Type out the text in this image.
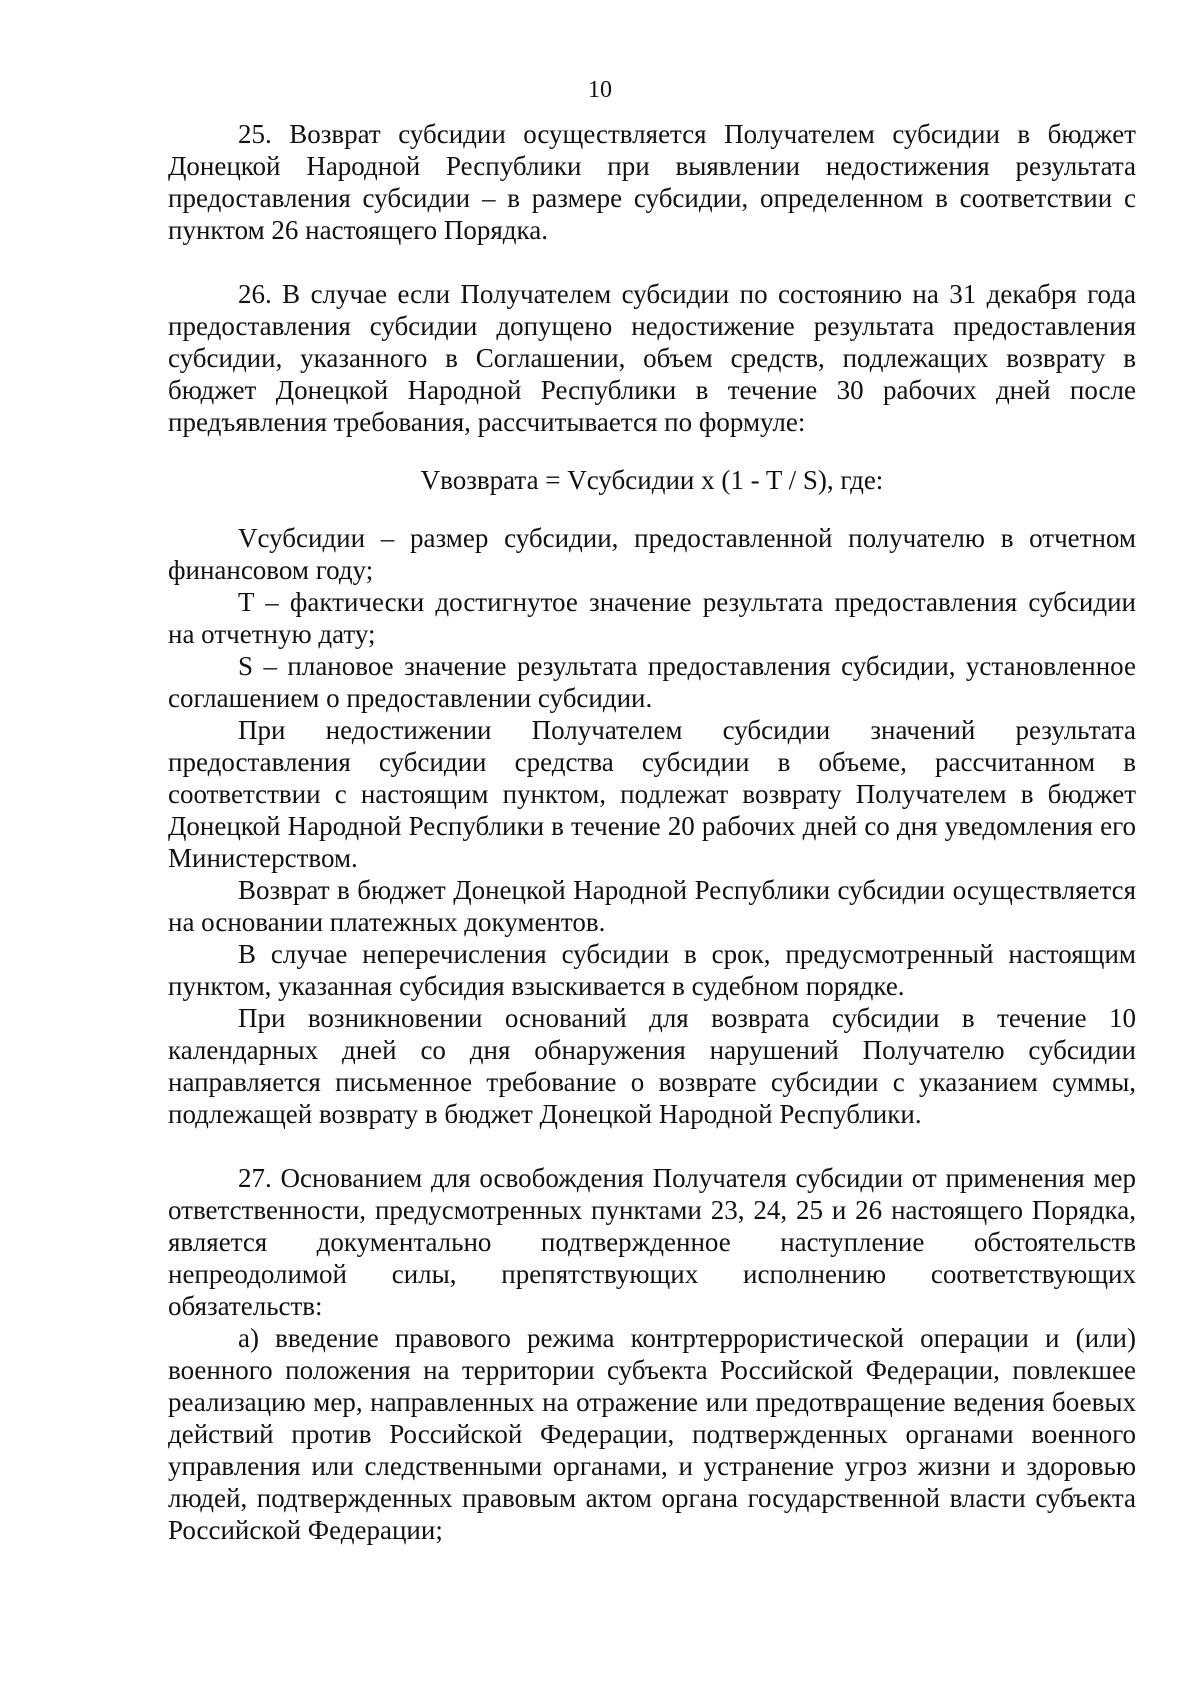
10

25. Возврат субсидии осуществляется Получателем субсидии в бюджет Донецкой Народной Республики при выявлении недостижения результата предоставления субсидии – в размере субсидии, определенном в соответствии с пунктом 26 настоящего Порядка.

26. В случае если Получателем субсидии по состоянию на 31 декабря года предоставления субсидии допущено недостижение результата предоставления субсидии, указанного в Соглашении, объем средств, подлежащих возврату в бюджет Донецкой Народной Республики в течение 30 рабочих дней после предъявления требования, рассчитывается по формуле:

Vвозврата = Vсубсидии x (1 - T / S), где:

Vсубсидии – размер субсидии, предоставленной получателю в отчетном финансовом году;

T – фактически достигнутое значение результата предоставления субсидии на отчетную дату;

S – плановое значение результата предоставления субсидии, установленное соглашением о предоставлении субсидии.

При недостижении Получателем субсидии значений результата предоставления субсидии средства субсидии в объеме, рассчитанном в соответствии с настоящим пунктом, подлежат возврату Получателем в бюджет Донецкой Народной Республики в течение 20 рабочих дней со дня уведомления его Министерством.

Возврат в бюджет Донецкой Народной Республики субсидии осуществляется на основании платежных документов.

В случае неперечисления субсидии в срок, предусмотренный настоящим пунктом, указанная субсидия взыскивается в судебном порядке.

При возникновении оснований для возврата субсидии в течение 10 календарных дней со дня обнаружения нарушений Получателю субсидии направляется письменное требование о возврате субсидии с указанием суммы, подлежащей возврату в бюджет Донецкой Народной Республики.

27. Основанием для освобождения Получателя субсидии от применения мер ответственности, предусмотренных пунктами 23, 24, 25 и 26 настоящего Порядка, является документально подтвержденное наступление обстоятельств непреодолимой силы, препятствующих исполнению соответствующих обязательств:

а) введение правового режима контртеррористической операции и (или) военного положения на территории субъекта Российской Федерации, повлекшее реализацию мер, направленных на отражение или предотвращение ведения боевых действий против Российской Федерации, подтвержденных органами военного управления или следственными органами, и устранение угроз жизни и здоровью людей, подтвержденных правовым актом органа государственной власти субъекта Российской Федерации;
